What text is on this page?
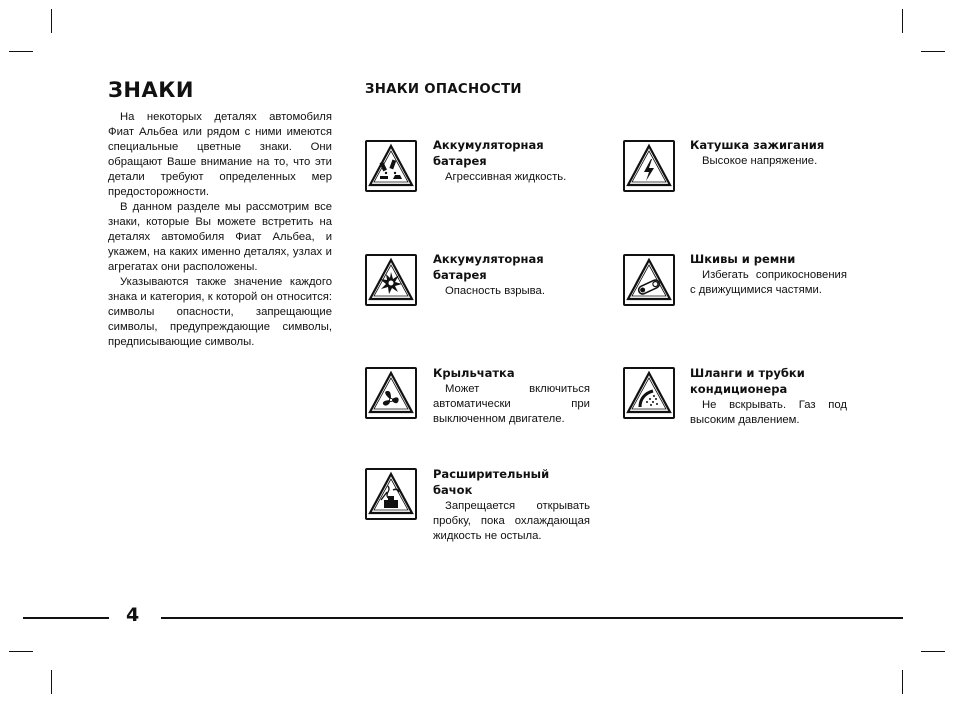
ЗНАКИ

На некоторых деталях автомобиля Фиат Альбеа или рядом с ними имеются специальные цветные знаки. Они обращают Ваше внимание на то, что эти детали требуют определенных мер предосторожности.

В данном разделе мы рассмотрим все знаки, которые Вы можете встретить на деталях автомобиля Фиат Альбеа, и укажем, на каких именно деталях, узлах и агрегатах они расположены.

Указываются также значение каждого знака и категория, к которой он относится: символы опасности, запрещающие символы, предупреждающие символы, предписывающие символы.

ЗНАКИ ОПАСНОСТИ
Аккумуляторная батарея
Агрессивная жидкость.
Катушка зажигания
Высокое напряжение.
Аккумуляторная батарея
Опасность взрыва.
Шкивы и ремни
Избегать соприкосновения с движущимися частями.
Крыльчатка
Может включиться автоматически при выключенном двигателе.
Шланги и трубки кондиционера
Не вскрывать. Газ под высоким давлением.
Расширительный бачок
Запрещается открывать пробку, пока охлаждающая жидкость не остыла.
4
